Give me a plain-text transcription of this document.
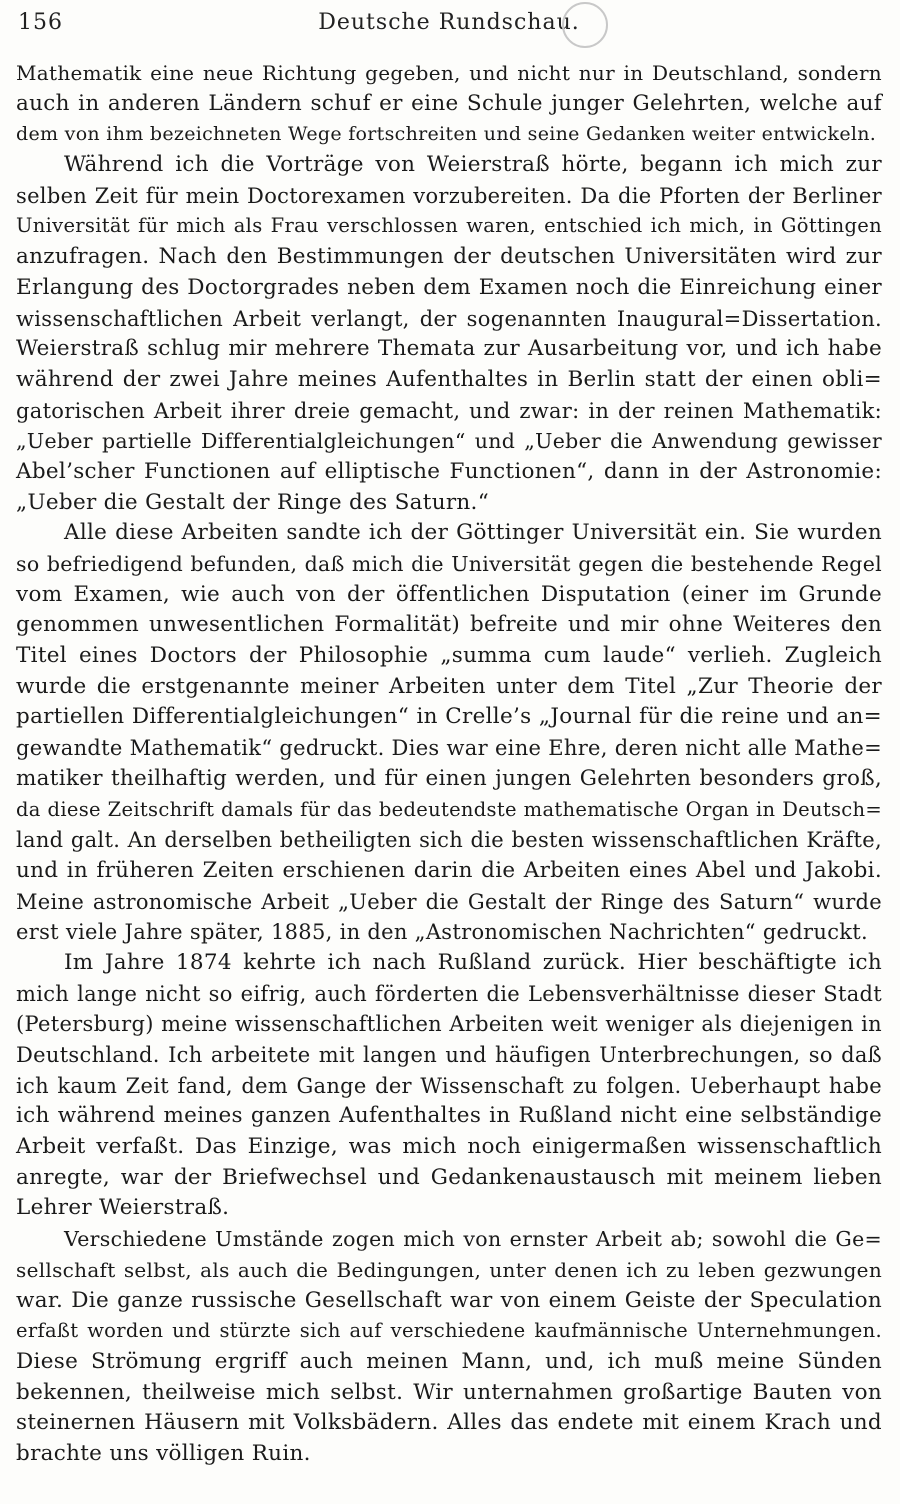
156	Deutsche Rundschau.
Mathematik eine neue Richtung gegeben, und nicht nur in Deutschland, sondern
auch in anderen Ländern schuf er eine Schule junger Gelehrten, welche auf
dem von ihm bezeichneten Wege fortschreiten und seine Gedanken weiter entwickeln.
Während ich die Vorträge von Weierstraß hörte, begann ich mich zur
selben Zeit für mein Doctorexamen vorzubereiten. Da die Pforten der Berliner
Universität für mich als Frau verschlossen waren, entschied ich mich, in Göttingen
anzufragen. Nach den Bestimmungen der deutschen Universitäten wird zur
Erlangung des Doctorgrades neben dem Examen noch die Einreichung einer
wissenschaftlichen Arbeit verlangt, der sogenannten Inaugural=Dissertation.
Weierstraß schlug mir mehrere Themata zur Ausarbeitung vor, und ich habe
während der zwei Jahre meines Aufenthaltes in Berlin statt der einen obli=
gatorischen Arbeit ihrer dreie gemacht, und zwar: in der reinen Mathematik:
„Ueber partielle Differentialgleichungen“ und „Ueber die Anwendung gewisser
Abel’scher Functionen auf elliptische Functionen“, dann in der Astronomie:
„Ueber die Gestalt der Ringe des Saturn.“
Alle diese Arbeiten sandte ich der Göttinger Universität ein. Sie wurden
so befriedigend befunden, daß mich die Universität gegen die bestehende Regel
vom Examen, wie auch von der öffentlichen Disputation (einer im Grunde
genommen unwesentlichen Formalität) befreite und mir ohne Weiteres den
Titel eines Doctors der Philosophie „summa cum laude“ verlieh. Zugleich
wurde die erstgenannte meiner Arbeiten unter dem Titel „Zur Theorie der
partiellen Differentialgleichungen“ in Crelle’s „Journal für die reine und an=
gewandte Mathematik“ gedruckt. Dies war eine Ehre, deren nicht alle Mathe=
matiker theilhaftig werden, und für einen jungen Gelehrten besonders groß,
da diese Zeitschrift damals für das bedeutendste mathematische Organ in Deutsch=
land galt. An derselben betheiligten sich die besten wissenschaftlichen Kräfte,
und in früheren Zeiten erschienen darin die Arbeiten eines Abel und Jakobi.
Meine astronomische Arbeit „Ueber die Gestalt der Ringe des Saturn“ wurde
erst viele Jahre später, 1885, in den „Astronomischen Nachrichten“ gedruckt.
Im Jahre 1874 kehrte ich nach Rußland zurück. Hier beschäftigte ich
mich lange nicht so eifrig, auch förderten die Lebensverhältnisse dieser Stadt
(Petersburg) meine wissenschaftlichen Arbeiten weit weniger als diejenigen in
Deutschland. Ich arbeitete mit langen und häufigen Unterbrechungen, so daß
ich kaum Zeit fand, dem Gange der Wissenschaft zu folgen. Ueberhaupt habe
ich während meines ganzen Aufenthaltes in Rußland nicht eine selbständige
Arbeit verfaßt. Das Einzige, was mich noch einigermaßen wissenschaftlich
anregte, war der Briefwechsel und Gedankenaustausch mit meinem lieben
Lehrer Weierstraß.
Verschiedene Umstände zogen mich von ernster Arbeit ab; sowohl die Ge=
sellschaft selbst, als auch die Bedingungen, unter denen ich zu leben gezwungen
war. Die ganze russische Gesellschaft war von einem Geiste der Speculation
erfaßt worden und stürzte sich auf verschiedene kaufmännische Unternehmungen.
Diese Strömung ergriff auch meinen Mann, und, ich muß meine Sünden
bekennen, theilweise mich selbst. Wir unternahmen großartige Bauten von
steinernen Häusern mit Volksbädern. Alles das endete mit einem Krach und
brachte uns völligen Ruin.
